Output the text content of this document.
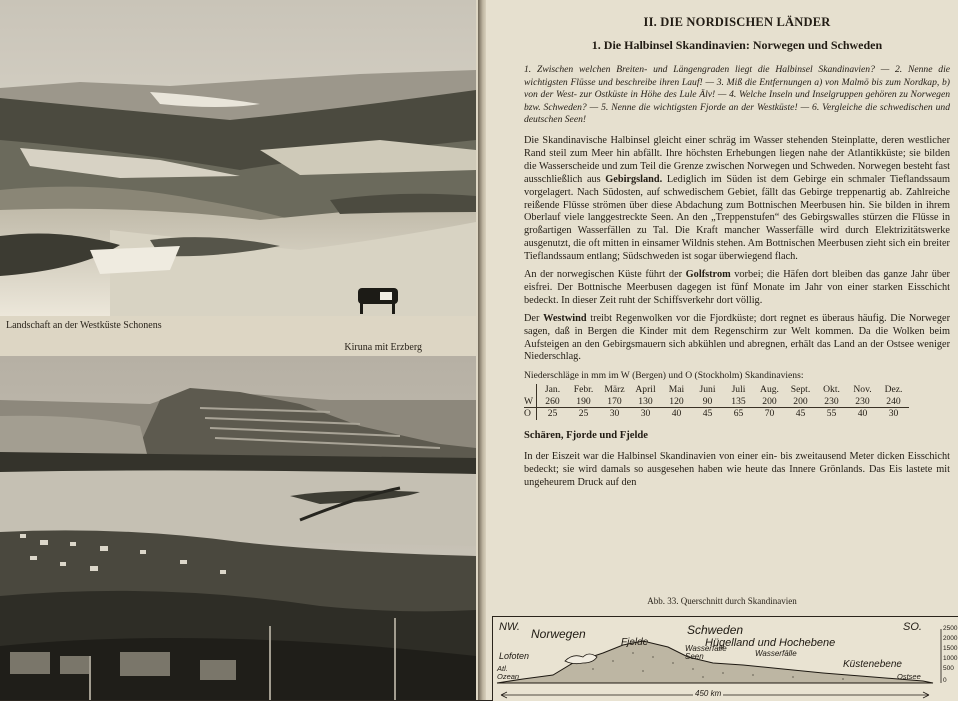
Landschaft an der Westküste Schonens
Kiruna mit Erzberg
II. DIE NORDISCHEN LÄNDER
1. Die Halbinsel Skandinavien: Norwegen und Schweden
1. Zwischen welchen Breiten- und Längengraden liegt die Halbinsel Skandinavien? — 2. Nenne die wichtigsten Flüsse und beschreibe ihren Lauf! — 3. Miß die Entfernungen a) von Malmö bis zum Nordkap, b) von der West- zur Ostküste in Höhe des Lule Älv! — 4. Welche Inseln und Inselgruppen gehören zu Norwegen bzw. Schweden? — 5. Nenne die wichtigsten Fjorde an der Westküste! — 6. Vergleiche die schwedischen und deutschen Seen!
Die Skandinavische Halbinsel gleicht einer schräg im Wasser stehenden Steinplatte, deren westlicher Rand steil zum Meer hin abfällt. Ihre höchsten Erhebungen liegen nahe der Atlantikküste; sie bilden die Wasserscheide und zum Teil die Grenze zwischen Norwegen und Schweden. Norwegen besteht fast ausschließlich aus Gebirgsland. Lediglich im Süden ist dem Gebirge ein schmaler Tieflandssaum vorgelagert. Nach Südosten, auf schwedischem Gebiet, fällt das Gebirge treppenartig ab. Zahlreiche reißende Flüsse strömen über diese Abdachung zum Bottnischen Meerbusen hin. Sie bilden in ihrem Oberlauf viele langgestreckte Seen. An den „Treppenstufen“ des Gebirgswalles stürzen die Flüsse in großartigen Wasserfällen zu Tal. Die Kraft mancher Wasserfälle wird durch Elektrizitätswerke ausgenutzt, die oft mitten in einsamer Wildnis stehen. Am Bottnischen Meerbusen zieht sich ein breiter Tieflandssaum entlang; Südschweden ist sogar überwiegend flach.
An der norwegischen Küste führt der Golfstrom vorbei; die Häfen dort bleiben das ganze Jahr über eisfrei. Der Bottnische Meerbusen dagegen ist fünf Monate im Jahr von einer starken Eisschicht bedeckt. In dieser Zeit ruht der Schiffsverkehr dort völlig.
Der Westwind treibt Regenwolken vor die Fjordküste; dort regnet es überaus häufig. Die Norweger sagen, daß in Bergen die Kinder mit dem Regenschirm zur Welt kommen. Da die Wolken beim Aufsteigen an den Gebirgsmauern sich abkühlen und abregnen, erhält das Land an der Ostsee weniger Niederschlag.
Niederschläge in mm im W (Bergen) und O (Stockholm) Skandinaviens:
	Jan.	Febr.	März	April	Mai	Juni	Juli	Aug.	Sept.	Okt.	Nov.	Dez.
W	260	190	170	130	120	90	135	200	200	230	230	240
O	25	25	30	30	40	45	65	70	45	55	40	30
Schären, Fjorde und Fjelde
In der Eiszeit war die Halbinsel Skandinavien von einer ein- bis zweitausend Meter dicken Eisschicht bedeckt; sie wird damals so ausgesehen haben wie heute das Innere Grönlands. Das Eis lastete mit ungeheurem Druck auf den
Abb. 33. Querschnitt durch Skandinavien
NW. Norwegen	Schweden	SO.
Fjelde	Hügelland und Hochebene
Lofoten
Wasserfälle Seen	Wasserfälle
Küstenebene
Atl. Ozean	Ostsee
450 km
2500
2000
1500
1000
500
0
